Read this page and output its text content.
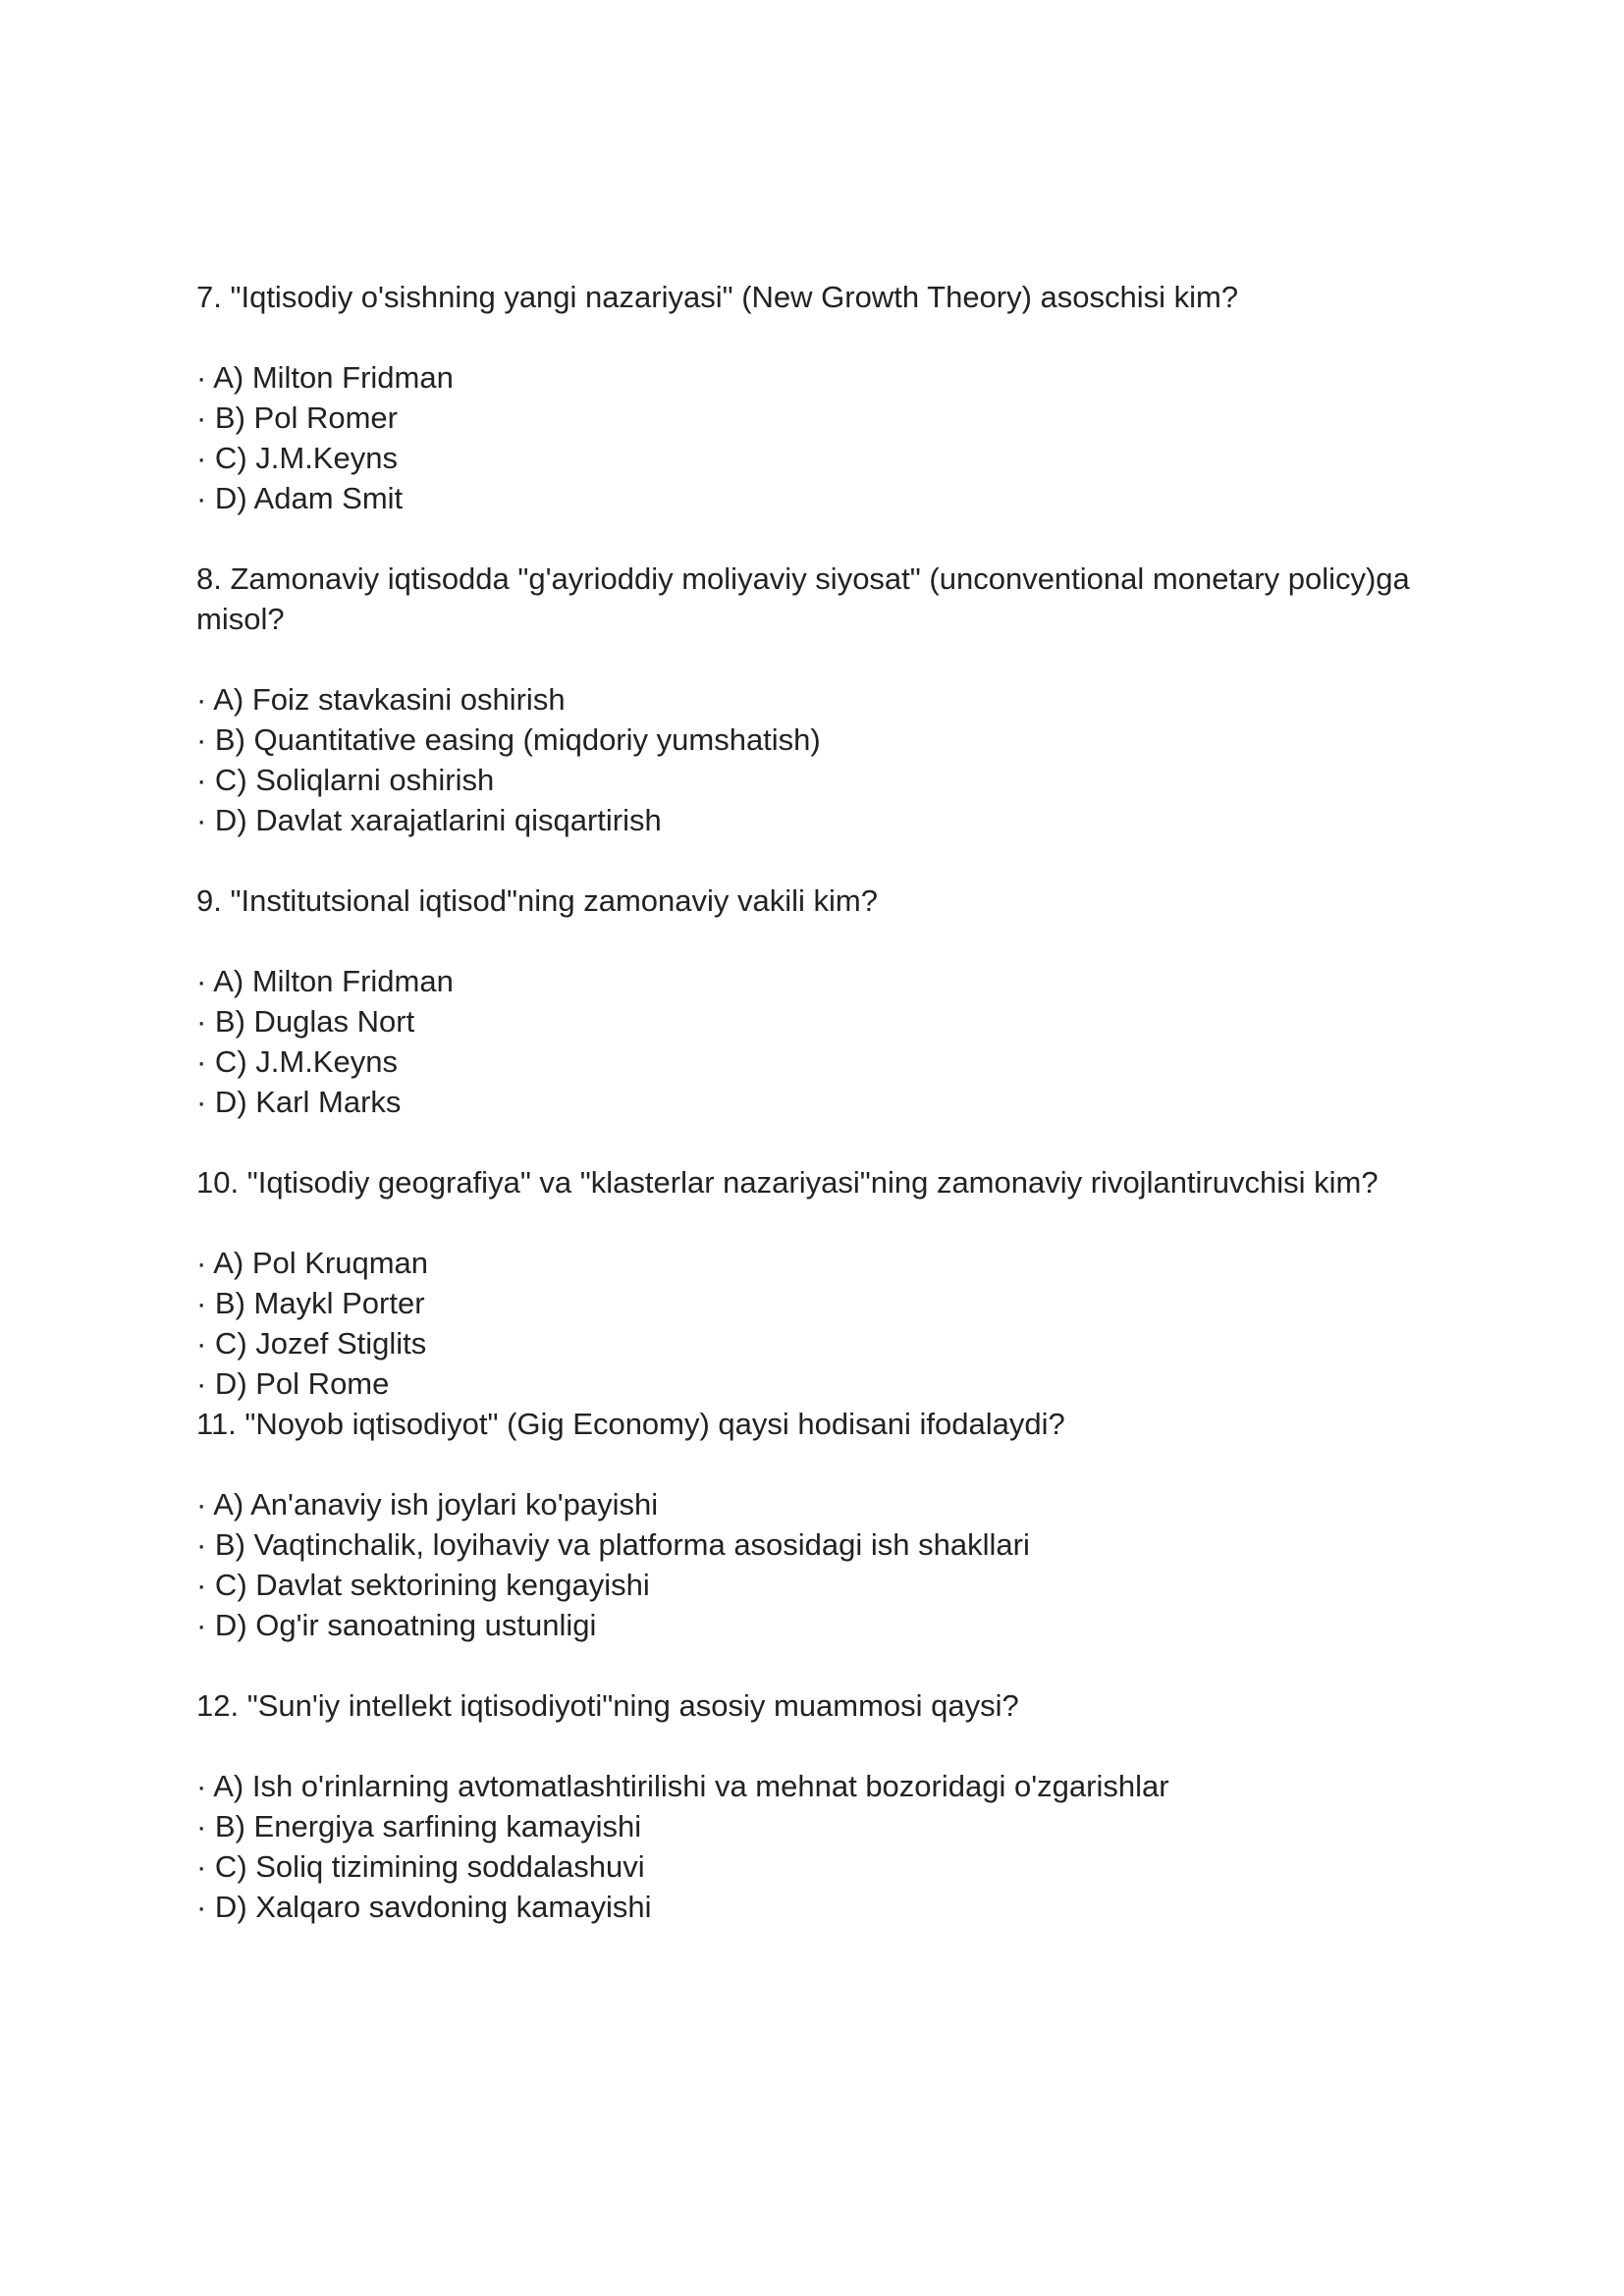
7. "Iqtisodiy o'sishning yangi nazariyasi" (New Growth Theory) asoschisi kim?

· A) Milton Fridman
· B) Pol Romer
· C) J.M.Keyns
· D) Adam Smit

8. Zamonaviy iqtisodda "g'ayrioddiy moliyaviy siyosat" (unconventional monetary policy)ga misol?

· A) Foiz stavkasini oshirish
· B) Quantitative easing (miqdoriy yumshatish)
· C) Soliqlarni oshirish
· D) Davlat xarajatlarini qisqartirish

9. "Institutsional iqtisod"ning zamonaviy vakili kim?

· A) Milton Fridman
· B) Duglas Nort
· C) J.M.Keyns
· D) Karl Marks

10. "Iqtisodiy geografiya" va "klasterlar nazariyasi"ning zamonaviy rivojlantiruvchisi kim?

· A) Pol Kruqman
· B) Maykl Porter
· C) Jozef Stiglits
· D) Pol Rome

11. "Noyob iqtisodiyot" (Gig Economy) qaysi hodisani ifodalaydi?

· A) An'anaviy ish joylari ko'payishi
· B) Vaqtinchalik, loyihaviy va platforma asosidagi ish shakllari
· C) Davlat sektorining kengayishi
· D) Og'ir sanoatning ustunligi

12. "Sun'iy intellekt iqtisodiyoti"ning asosiy muammosi qaysi?

· A) Ish o'rinlarning avtomatlashtirilishi va mehnat bozoridagi o'zgarishlar
· B) Energiya sarfining kamayishi
· C) Soliq tizimining soddalashuvi
· D) Xalqaro savdoning kamayishi
